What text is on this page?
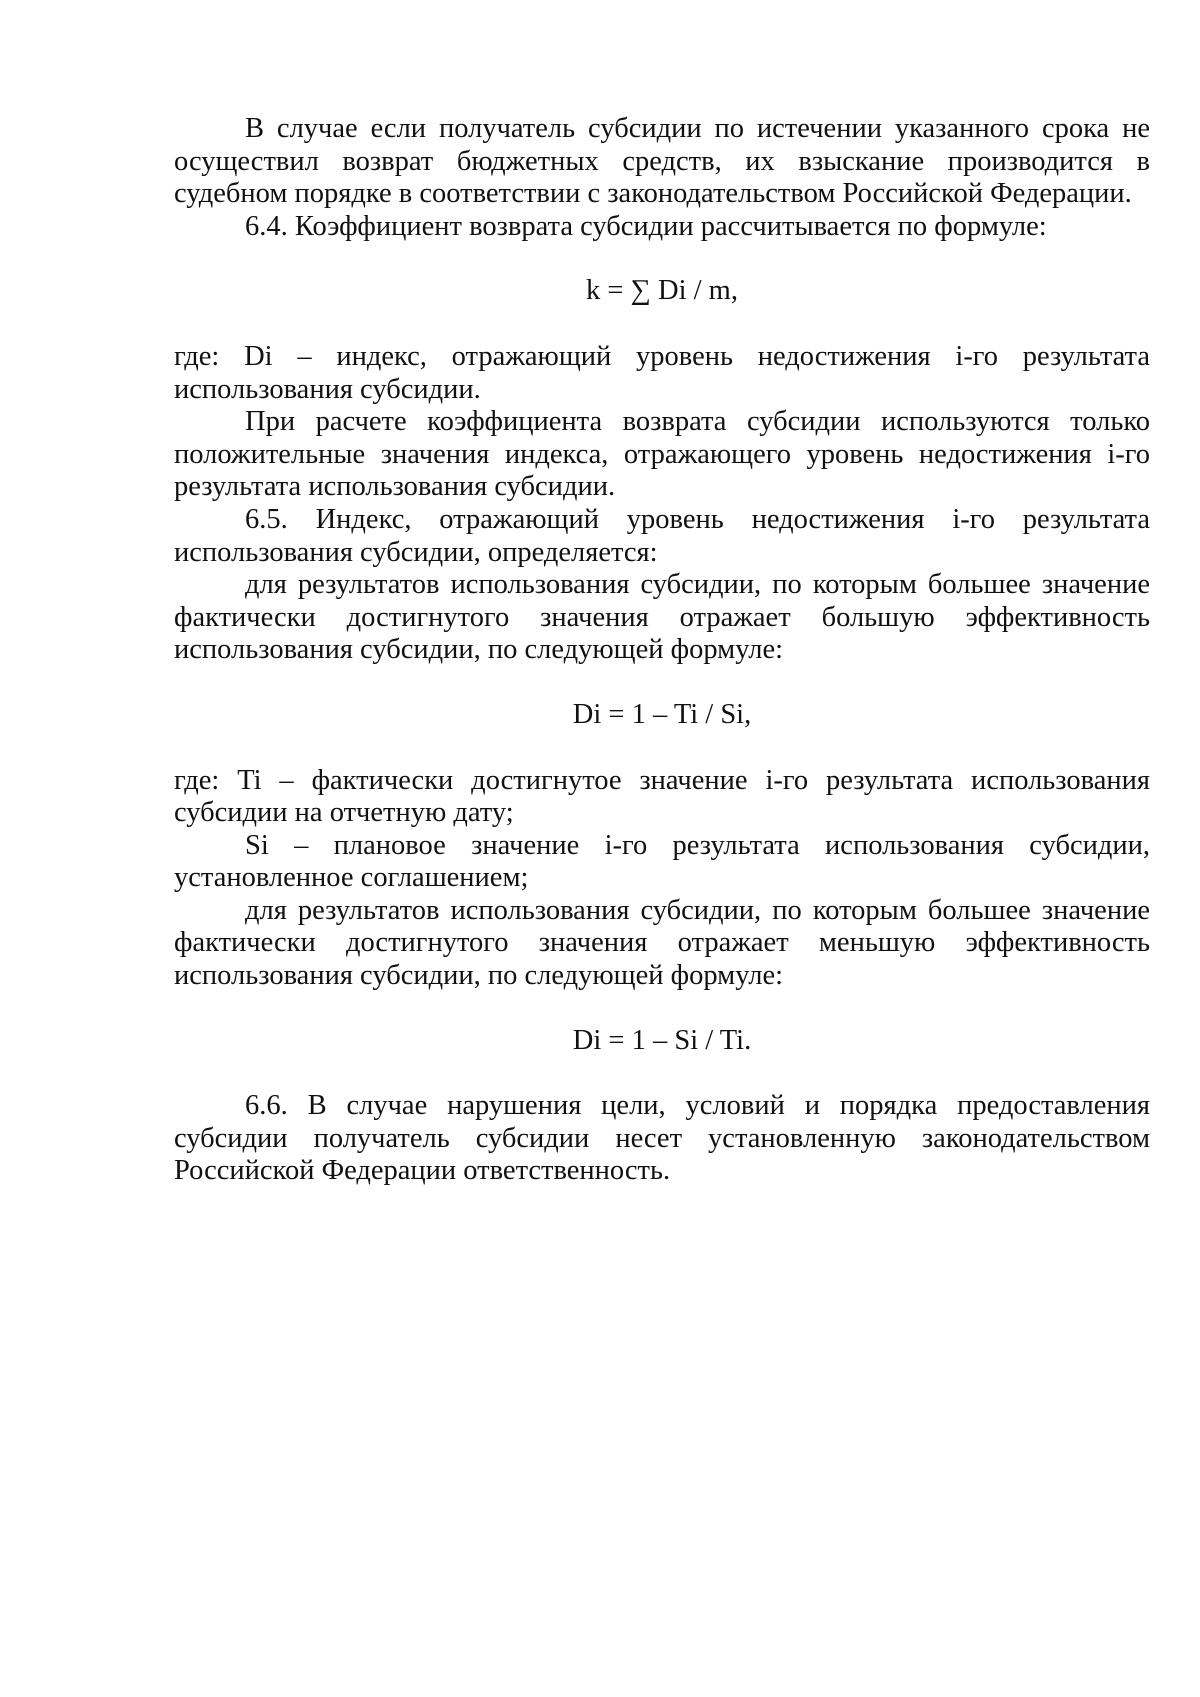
В случае если получатель субсидии по истечении указанного срока не осуществил возврат бюджетных средств, их взыскание производится в судебном порядке в соответствии с законодательством Российской Федерации.

6.4. Коэффициент возврата субсидии рассчитывается по формуле:

k = ∑ Di / m,

где: Di – индекс, отражающий уровень недостижения i-го результата использования субсидии.

При расчете коэффициента возврата субсидии используются только положительные значения индекса, отражающего уровень недостижения i-го результата использования субсидии.

6.5. Индекс, отражающий уровень недостижения i-го результата использования субсидии, определяется:

для результатов использования субсидии, по которым большее значение фактически достигнутого значения отражает большую эффективность использования субсидии, по следующей формуле:

Di = 1 – Ti / Si,

где: Ti – фактически достигнутое значение i-го результата использования субсидии на отчетную дату;

Si – плановое значение i-го результата использования субсидии, установленное соглашением;

для результатов использования субсидии, по которым большее значение фактически достигнутого значения отражает меньшую эффективность использования субсидии, по следующей формуле:

Di = 1 – Si / Ti.

6.6. В случае нарушения цели, условий и порядка предоставления субсидии получатель субсидии несет установленную законодательством Российской Федерации ответственность.
